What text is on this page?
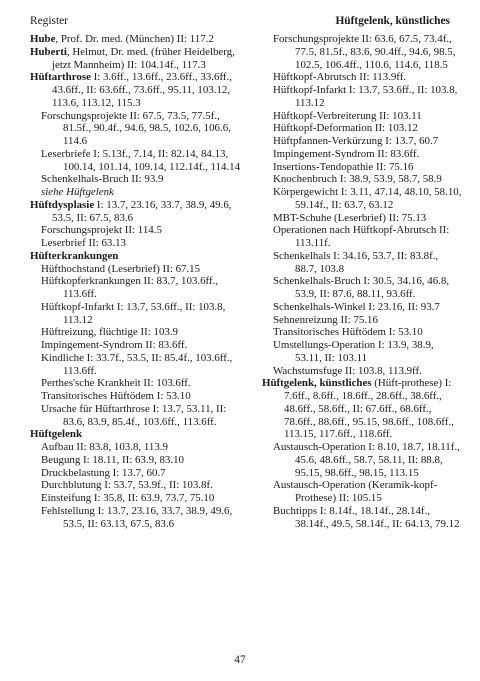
Register	Hüftgelenk, künstliches
Hube, Prof. Dr. med. (München) II: 117.2
Huberti, Helmut, Dr. med. (früher Heidelberg, jetzt Mannheim) II: 104.14f., 117.3
Hüftarthrose I: 3.6ff., 13.6ff., 23.6ff., 33.6ff., 43.6ff., II: 63.6ff., 73.6ff., 95.11, 103.12, 113.6, 113.12, 115.3
Forschungsprojekte II: 67.5, 73.5, 77.5f., 81.5f., 90.4f., 94.6, 98.5, 102.6, 106.6, 114.6
Leserbriefe I: 5.13f., 7.14, II: 82.14, 84.13, 100.14, 101.14, 109.14, 112.14f., 114.14
Schenkelhals-Bruch II: 93.9
siehe Hüftgelenk
Hüftdysplasie I: 13.7, 23.16, 33.7, 38.9, 49.6, 53.5, II: 67.5, 83.6
Forschungsprojekt II: 114.5
Leserbrief II: 63.13
Hüfterkrankungen
Hüfthochstand (Leserbrief) II: 67.15
Hüftkopferkrankungen II: 83.7, 103.6ff., 113.6ff.
Hüftkopf-Infarkt I: 13.7, 53.6ff., II: 103.8, 113.12
Hüftreizung, flüchtige II: 103.9
Impingement-Syndrom II: 83.6ff.
Kindliche I: 33.7f., 53.5, II: 85.4f., 103.6ff., 113.6ff.
Perthes'sche Krankheit II: 103.6ff.
Transitorisches Hüftödem I: 53.10
Ursache für Hüftarthrose I: 13.7, 53.11, II: 83.6, 83.9, 85.4f., 103.6ff., 113.6ff.
Hüftgelenk
Aufbau II: 83.8, 103.8, 113.9
Beugung I: 18.11, II: 63.9, 83.10
Druckbelastung I: 13.7, 60.7
Durchblutung I: 53.7, 53.9f., II: 103.8f.
Einsteifung I: 35.8, II: 63.9, 73.7, 75.10
Fehlstellung I: 13.7, 23.16, 33.7, 38.9, 49.6, 53.5, II: 63.13, 67.5, 83.6
Forschungsprojekte II: 63.6, 67.5, 73.4f., 77.5, 81.5f., 83.6, 90.4ff., 94.6, 98.5, 102.5, 106.4ff., 110.6, 114.6, 118.5
Hüftkopf-Abrutsch II: 113.9ff.
Hüftkopf-Infarkt I: 13.7, 53.6ff., II: 103.8, 113.12
Hüftkopf-Verbreiterung II: 103.11
Hüftkopf-Deformation II: 103.12
Hüftpfannen-Verkürzung I: 13.7, 60.7
Impingement-Syndrom II: 83.6ff.
Insertions-Tendopathie II: 75.16
Knochenbruch I: 38.9, 53.9, 58.7, 58.9
Körpergewicht I: 3.11, 47.14, 48.10, 58.10, 59.14f., II: 63.7, 63.12
MBT-Schuhe (Leserbrief) II: 75.13
Operationen nach Hüftkopf-Abrutsch II: 113.11f.
Schenkelhals I: 34.16, 53.7, II: 83.8f., 88.7, 103.8
Schenkelhals-Bruch I: 30.5, 34.16, 46.8, 53.9, II: 87.6, 88.11, 93.6ff.
Schenkelhals-Winkel I: 23.16, II: 93.7
Sehnenreizung II: 75.16
Transitorisches Hüftödem I: 53.10
Umstellungs-Operation I: 13.9, 38.9, 53.11, II: 103.11
Wachstumsfuge II: 103.8, 113.9ff.
Hüftgelenk, künstliches (Hüft-prothese) I: 7.6ff., 8.6ff., 18.6ff., 28.6ff., 38.6ff., 48.6ff., 58.6ff., II: 67.6ff., 68.6ff., 78.6ff., 88.6ff., 95.15, 98.6ff., 108.6ff., 113.15, 117.6ff., 118.6ff.
Austausch-Operation I: 8.10, 18.7, 18.11f., 45.6, 48.6ff., 58.7, 58.11, II: 88.8, 95.15, 98.6ff., 98.15, 113.15
Austausch-Operation (Keramik-kopf-Prothese) II: 105.15
Buchtipps I: 8.14f., 18.14f., 28.14f., 38.14f., 49.5, 58.14f., II: 64.13, 79.12
47
